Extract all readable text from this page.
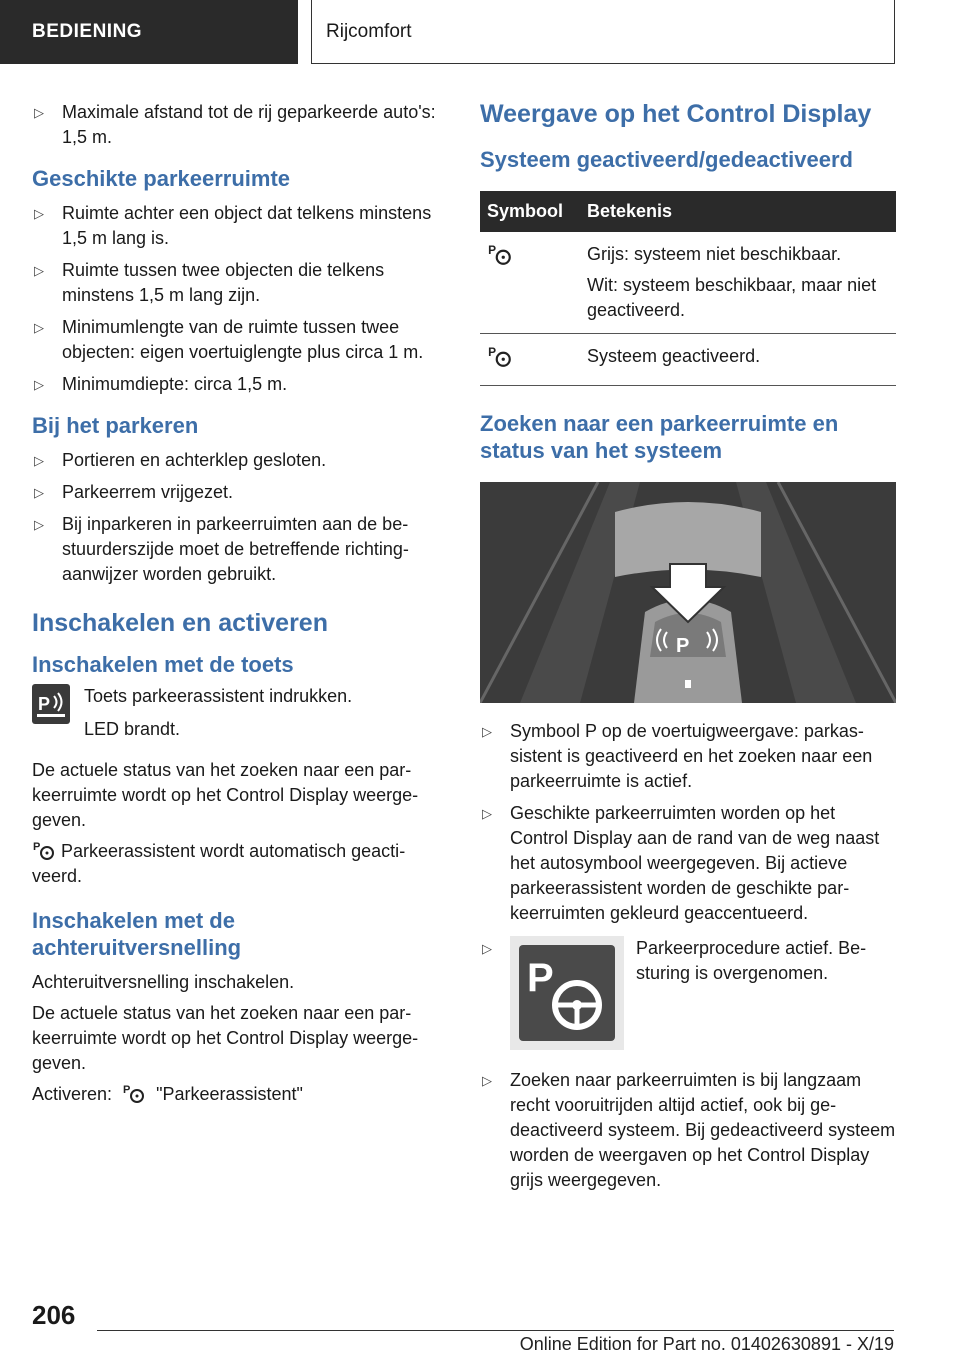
BEDIENING	Rijcomfort
▷	Maximale afstand tot de rij geparkeerde auto's: 1,5 m.
Geschikte parkeerruimte
▷	Ruimte achter een object dat telkens minstens 1,5 m lang is.
▷	Ruimte tussen twee objecten die telkens minstens 1,5 m lang zijn.
▷	Minimumlengte van de ruimte tussen twee objecten: eigen voertuiglengte plus circa 1 m.
▷	Minimumdiepte: circa 1,5 m.
Bij het parkeren
▷	Portieren en achterklep gesloten.
▷	Parkeerrem vrijgezet.
▷	Bij inparkeren in parkeerruimten aan de bestuurderszijde moet de betreffende richtingaanwijzer worden gebruikt.
Inschakelen en activeren
Inschakelen met de toets
P Toets parkeerassistent indrukken.
LED brandt.
De actuele status van het zoeken naar een parkeerruimte wordt op het Control Display weergegeven.
P Parkeerassistent wordt automatisch geactiveerd.
Inschakelen met de achteruitversnelling
Achteruitversnelling inschakelen.
De actuele status van het zoeken naar een parkeerruimte wordt op het Control Display weergegeven.
Activeren: P "Parkeerassistent"
Weergave op het Control Display
Systeem geactiveerd/gedeactiveerd
Symbool	Betekenis

P	Grijs: systeem niet beschikbaar.
Wit: systeem beschikbaar, maar niet geactiveerd.

P	Systeem geactiveerd.
Zoeken naar een parkeerruimte en status van het systeem
P
▷	Symbool P op de voertuigweergave: parkassistent is geactiveerd en het zoeken naar een parkeerruimte is actief.
▷	Geschikte parkeerruimten worden op het Control Display aan de rand van de weg naast het autosymbool weergegeven. Bij actieve parkeerassistent worden de geschikte parkeerruimten gekleurd geaccentueerd.
▷
P
Parkeerprocedure actief. Besturing is overgenomen.
▷	Zoeken naar parkeerruimten is bij langzaam recht vooruitrijden altijd actief, ook bij gedeactiveerd systeem. Bij gedeactiveerd systeem worden de weergaven op het Control Display grijs weergegeven.
206
Online Edition for Part no. 01402630891 - X/19
